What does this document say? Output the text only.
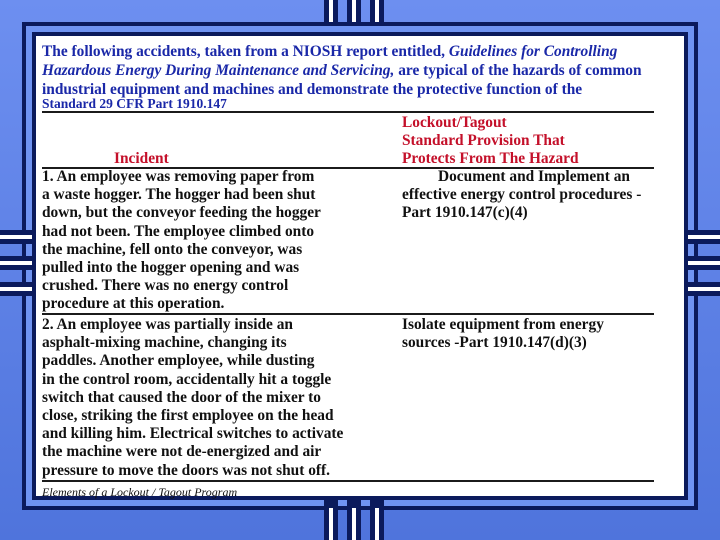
The following accidents, taken from a NIOSH report entitled, Guidelines for Controlling
Hazardous Energy During Maintenance and Servicing, are typical of the hazards of common
industrial equipment and machines and demonstrate the protective function of the
Standard 29 CFR Part 1910.147
Lockout/Tagout
Standard Provision That
Protects From The Hazard
Incident
1. An employee was removing paper from
a waste hogger. The hogger had been shut
down, but the conveyor feeding the hogger
had not been. The employee climbed onto
the machine, fell onto the conveyor, was
pulled into the hogger opening and was
crushed. There was no energy control
procedure at this operation.
Document and Implement an
effective energy control procedures -
Part 1910.147(c)(4)
2. An employee was partially inside an
asphalt-mixing machine, changing its
paddles. Another employee, while dusting
in the control room, accidentally hit a toggle
switch that caused the door of the mixer to
close, striking the first employee on the head
and killing him. Electrical switches to activate
the machine were not de-energized and air
pressure to move the doors was not shut off.
Isolate equipment from energy
sources -Part 1910.147(d)(3)
Elements of a Lockout / Tagout Program
